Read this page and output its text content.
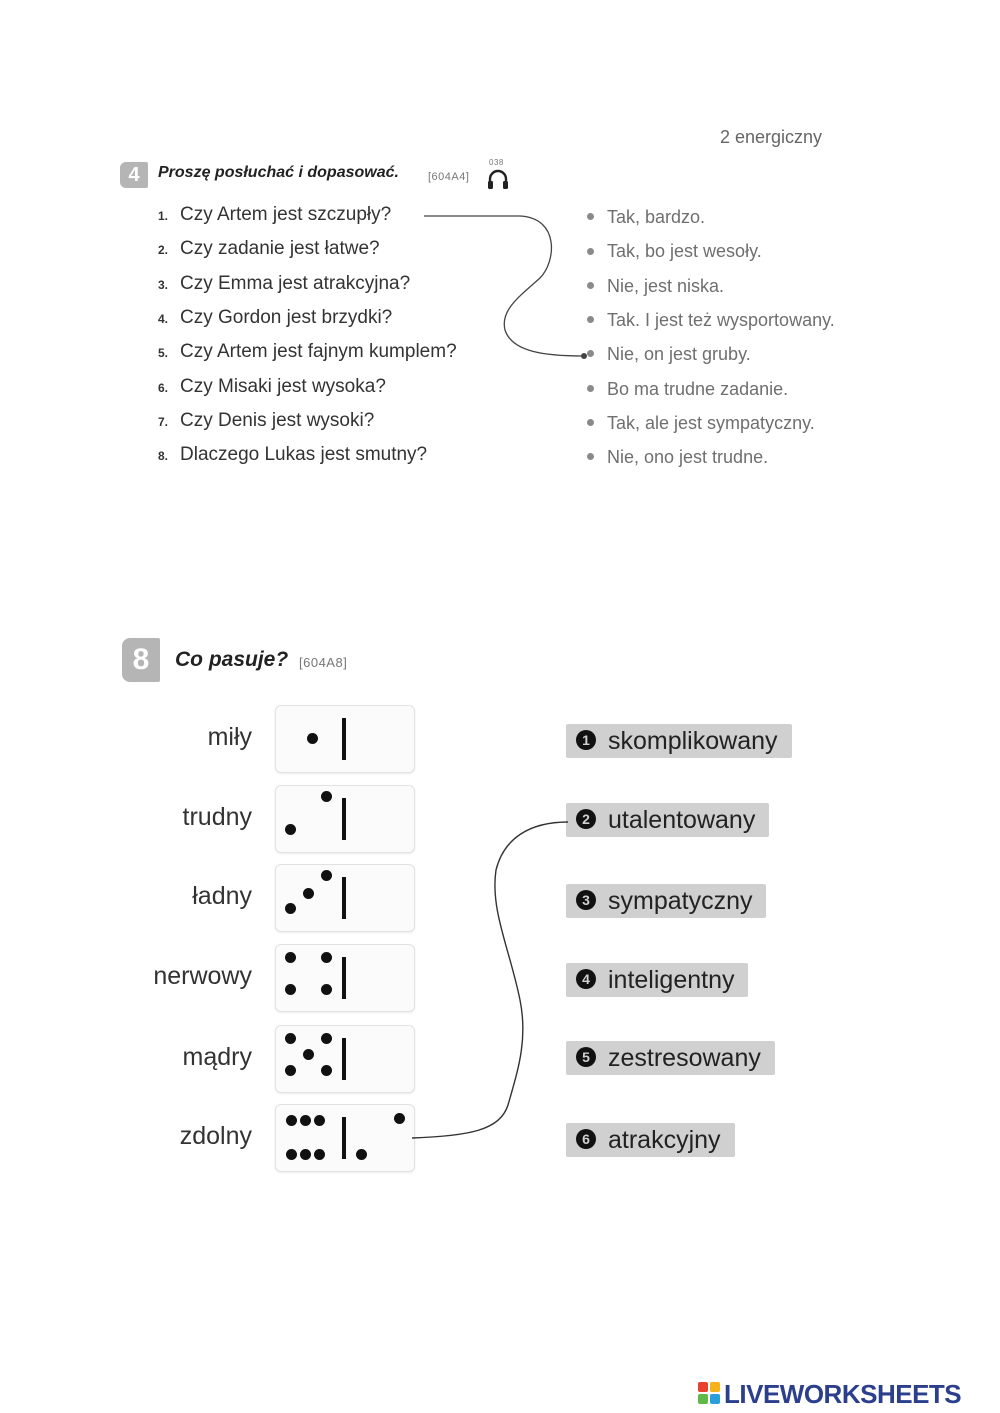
2 energiczny
4	Proszę posłuchać i dopasować.	[604A4]
038
1. Czy Artem jest szczupły?
2. Czy zadanie jest łatwe?
3. Czy Emma jest atrakcyjna?
4. Czy Gordon jest brzydki?
5. Czy Artem jest fajnym kumplem?
6. Czy Misaki jest wysoka?
7. Czy Denis jest wysoki?
8. Dlaczego Lukas jest smutny?
Tak, bardzo.
Tak, bo jest wesoły.
Nie, jest niska.
Tak. I jest też wysportowany.
Nie, on jest gruby.
Bo ma trudne zadanie.
Tak, ale jest sympatyczny.
Nie, ono jest trudne.
8	Co pasuje? [604A8]
miły
trudny
ładny
nerwowy
mądry
zdolny
1 skomplikowany
2 utalentowany
3 sympatyczny
4 inteligentny
5 zestresowany
6 atrakcyjny
LIVEWORKSHEETS
